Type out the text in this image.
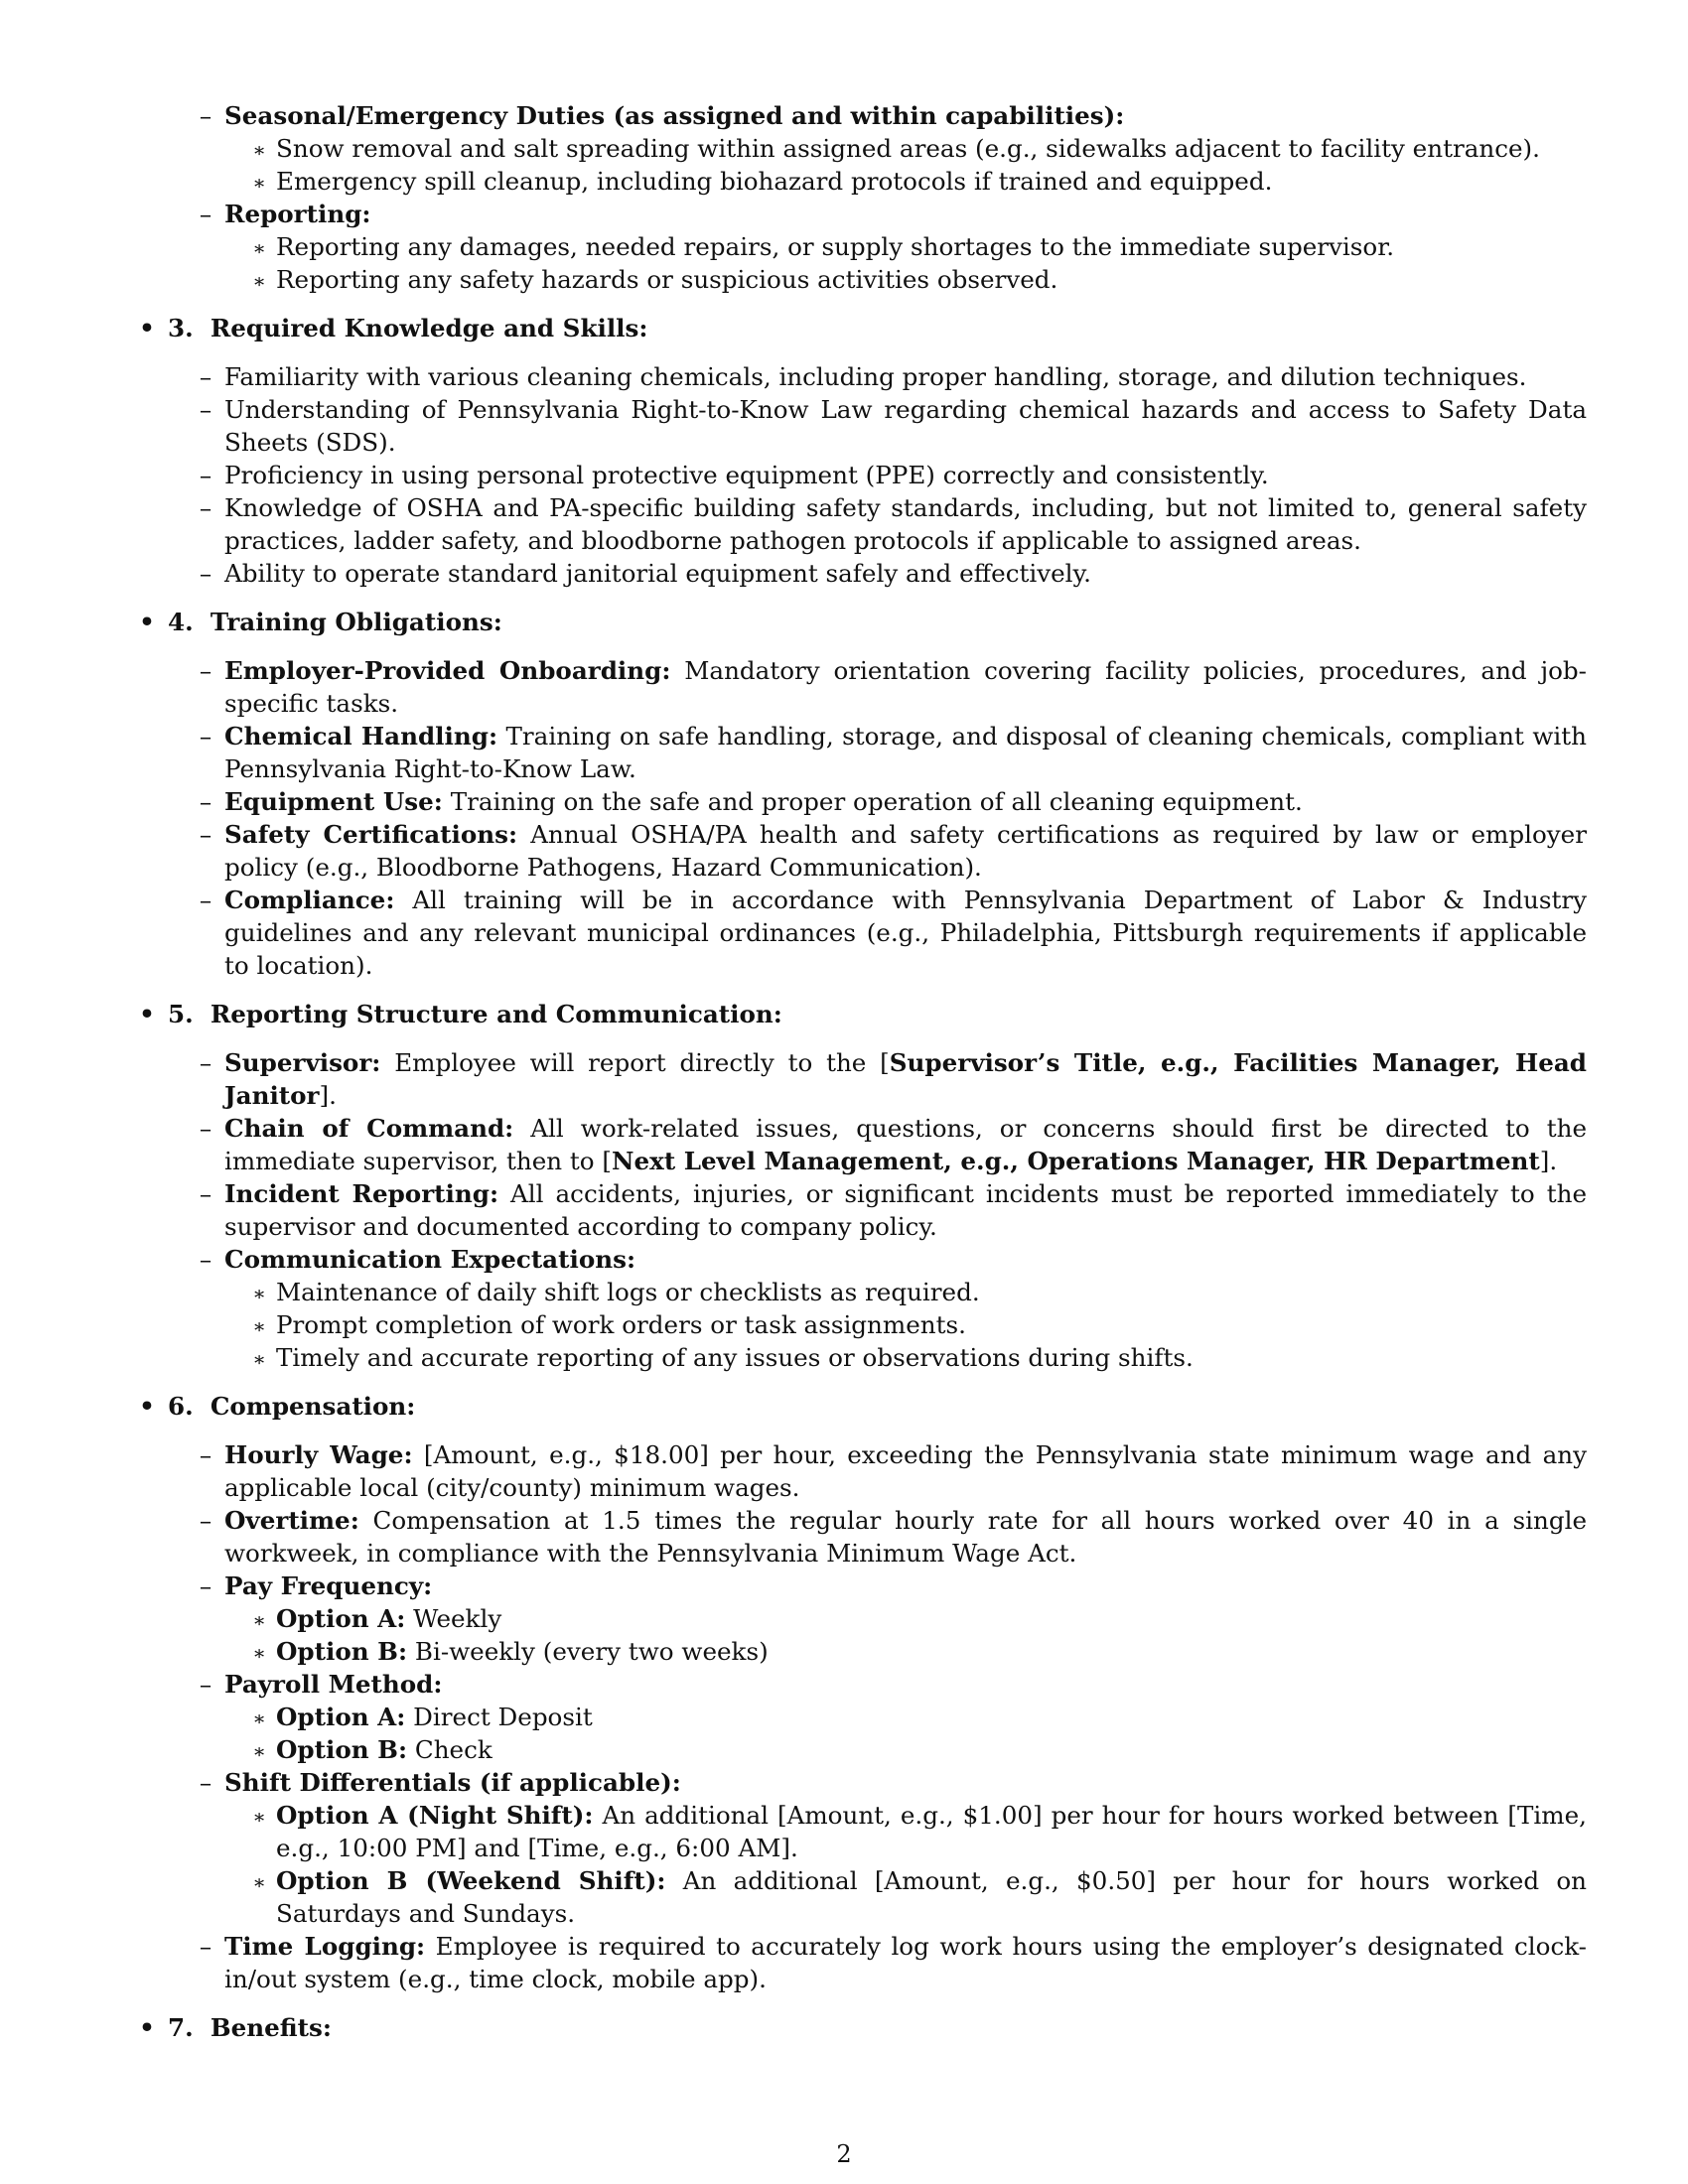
– Seasonal/Emergency Duties (as assigned and within capabilities):
∗ Snow removal and salt spreading within assigned areas (e.g., sidewalks adjacent to facility entrance).
∗ Emergency spill cleanup, including biohazard protocols if trained and equipped.
– Reporting:
∗ Reporting any damages, needed repairs, or supply shortages to the immediate supervisor.
∗ Reporting any safety hazards or suspicious activities observed.
• 3. Required Knowledge and Skills:
– Familiarity with various cleaning chemicals, including proper handling, storage, and dilution techniques.
– Understanding of Pennsylvania Right-to-Know Law regarding chemical hazards and access to Safety Data Sheets (SDS).
– Proficiency in using personal protective equipment (PPE) correctly and consistently.
– Knowledge of OSHA and PA-specific building safety standards, including, but not limited to, general safety practices, ladder safety, and bloodborne pathogen protocols if applicable to assigned areas.
– Ability to operate standard janitorial equipment safely and effectively.
• 4. Training Obligations:
– Employer-Provided Onboarding: Mandatory orientation covering facility policies, procedures, and job-specific tasks.
– Chemical Handling: Training on safe handling, storage, and disposal of cleaning chemicals, compliant with Pennsylvania Right-to-Know Law.
– Equipment Use: Training on the safe and proper operation of all cleaning equipment.
– Safety Certifications: Annual OSHA/PA health and safety certifications as required by law or employer policy (e.g., Bloodborne Pathogens, Hazard Communication).
– Compliance: All training will be in accordance with Pennsylvania Department of Labor & Industry guidelines and any relevant municipal ordinances (e.g., Philadelphia, Pittsburgh requirements if applicable to location).
• 5. Reporting Structure and Communication:
– Supervisor: Employee will report directly to the [Supervisor’s Title, e.g., Facilities Manager, Head Janitor].
– Chain of Command: All work-related issues, questions, or concerns should first be directed to the immediate supervisor, then to [Next Level Management, e.g., Operations Manager, HR Department].
– Incident Reporting: All accidents, injuries, or significant incidents must be reported immediately to the supervisor and documented according to company policy.
– Communication Expectations:
∗ Maintenance of daily shift logs or checklists as required.
∗ Prompt completion of work orders or task assignments.
∗ Timely and accurate reporting of any issues or observations during shifts.
• 6. Compensation:
– Hourly Wage: [Amount, e.g., $18.00] per hour, exceeding the Pennsylvania state minimum wage and any applicable local (city/county) minimum wages.
– Overtime: Compensation at 1.5 times the regular hourly rate for all hours worked over 40 in a single workweek, in compliance with the Pennsylvania Minimum Wage Act.
– Pay Frequency:
∗ Option A: Weekly
∗ Option B: Bi-weekly (every two weeks)
– Payroll Method:
∗ Option A: Direct Deposit
∗ Option B: Check
– Shift Differentials (if applicable):
∗ Option A (Night Shift): An additional [Amount, e.g., $1.00] per hour for hours worked between [Time, e.g., 10:00 PM] and [Time, e.g., 6:00 AM].
∗ Option B (Weekend Shift): An additional [Amount, e.g., $0.50] per hour for hours worked on Saturdays and Sundays.
– Time Logging: Employee is required to accurately log work hours using the employer’s designated clock-in/out system (e.g., time clock, mobile app).
• 7. Benefits:
2
